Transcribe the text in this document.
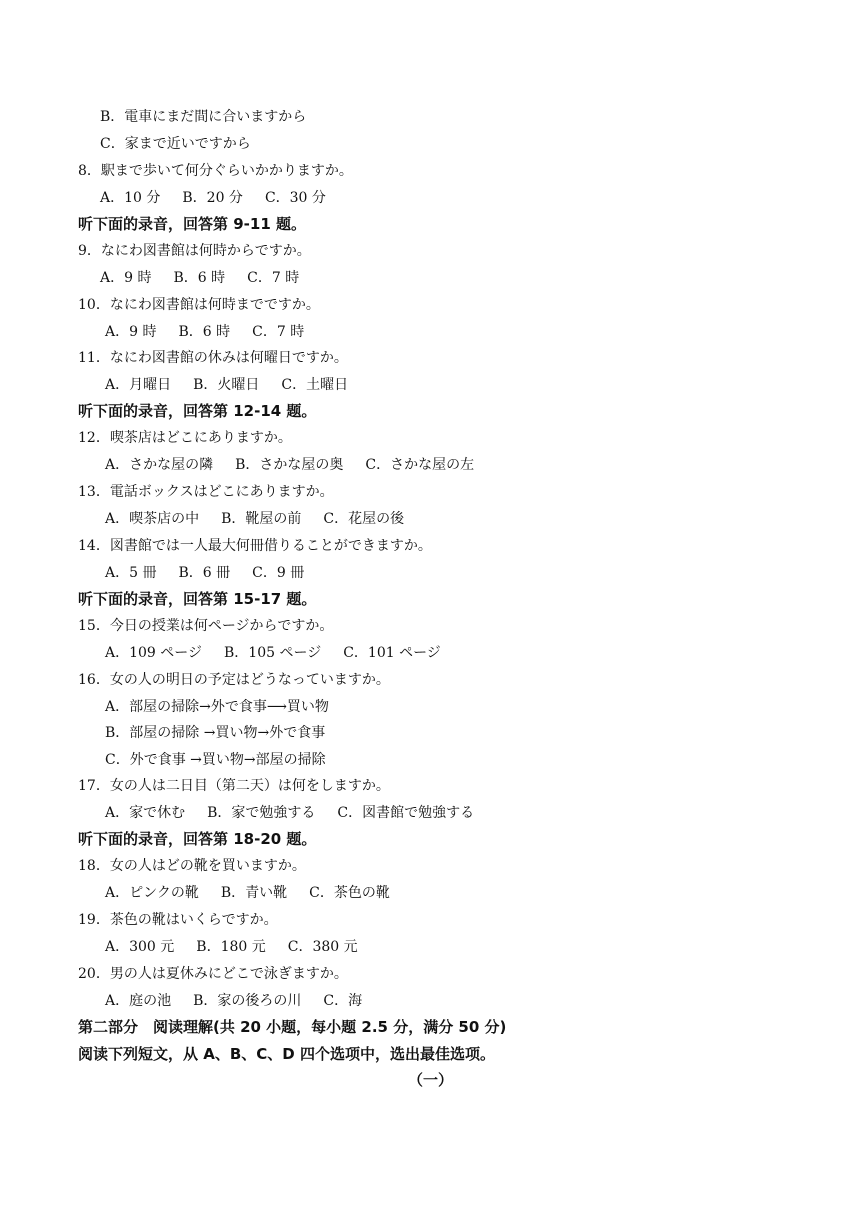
B．電車にまだ間に合いますから
C．家まで近いですから
8．駅まで歩いて何分ぐらいかかりますか。
A．10 分 B．20 分 C．30 分
听下面的录音，回答第 9-11 题。
9．なにわ図書館は何時からですか。
A．9 時 B．6 時 C．7 時
10．なにわ図書館は何時までですか。
A．9 時 B．6 時 C．7 時
11．なにわ図書館の休みは何曜日ですか。
A．月曜日 B．火曜日 C．土曜日
听下面的录音，回答第 12-14 题。
12．喫茶店はどこにありますか。
A．さかな屋の隣 B．さかな屋の奥 C．さかな屋の左
13．電話ボックスはどこにありますか。
A．喫茶店の中 B．靴屋の前 C．花屋の後
14．図書館では一人最大何冊借りることができますか。
A．5 冊 B．6 冊 C．9 冊
听下面的录音，回答第 15-17 题。
15．今日の授業は何ページからですか。
A．109 ページ B．105 ページ C．101 ページ
16．女の人の明日の予定はどうなっていますか。
A．部屋の掃除→外で食事⟶買い物
B．部屋の掃除 →買い物→外で食事
C．外で食事 →買い物→部屋の掃除
17．女の人は二日目（第二天）は何をしますか。
A．家で休む B．家で勉強する C．図書館で勉強する
听下面的录音，回答第 18-20 题。
18．女の人はどの靴を買いますか。
A．ピンクの靴 B．青い靴 C．茶色の靴
19．茶色の靴はいくらですか。
A．300 元 B．180 元 C．380 元
20．男の人は夏休みにどこで泳ぎますか。
A．庭の池 B．家の後ろの川 C．海
第二部分　阅读理解(共 20 小题，每小题 2.5 分，满分 50 分)
阅读下列短文，从 A、B、C、D 四个选项中，选出最佳选项。
（一）
